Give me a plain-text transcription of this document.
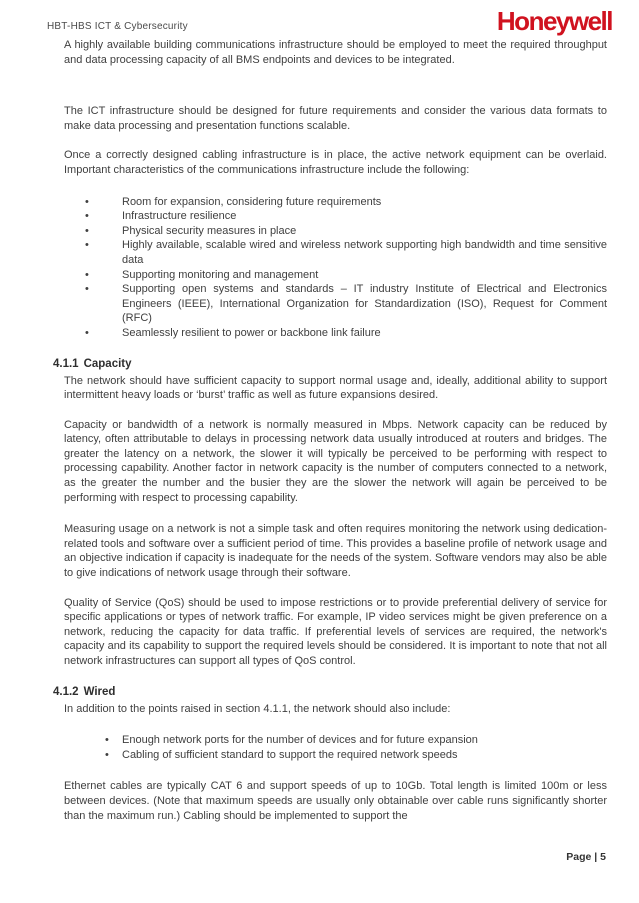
HBT-HBS ICT & Cybersecurity	Honeywell

A highly available building communications infrastructure should be employed to meet the required throughput and data processing capacity of all BMS endpoints and devices to be integrated.

The ICT infrastructure should be designed for future requirements and consider the various data formats to make data processing and presentation functions scalable.

Once a correctly designed cabling infrastructure is in place, the active network equipment can be overlaid. Important characteristics of the communications infrastructure include the following:

•	Room for expansion, considering future requirements
•	Infrastructure resilience
•	Physical security measures in place
•	Highly available, scalable wired and wireless network supporting high bandwidth and time sensitive data
•	Supporting monitoring and management
•	Supporting open systems and standards – IT industry Institute of Electrical and Electronics Engineers (IEEE), International Organization for Standardization (ISO), Request for Comment (RFC)
•	Seamlessly resilient to power or backbone link failure
4.1.1 Capacity

The network should have sufficient capacity to support normal usage and, ideally, additional ability to support intermittent heavy loads or ‘burst’ traffic as well as future expansions desired.

Capacity or bandwidth of a network is normally measured in Mbps. Network capacity can be reduced by latency, often attributable to delays in processing network data usually introduced at routers and bridges. The greater the latency on a network, the slower it will typically be perceived to be performing with respect to processing capability. Another factor in network capacity is the number of computers connected to a network, as the greater the number and the busier they are the slower the network will again be perceived to be performing with respect to processing capability.

Measuring usage on a network is not a simple task and often requires monitoring the network using dedication-related tools and software over a sufficient period of time. This provides a baseline profile of network usage and an objective indication if capacity is inadequate for the needs of the system. Software vendors may also be able to give indications of network usage through their software.

Quality of Service (QoS) should be used to impose restrictions or to provide preferential delivery of service for specific applications or types of network traffic. For example, IP video services might be given preference on a network, reducing the capacity for data traffic. If preferential levels of services are required, the network's capacity and its capability to support the required levels should be considered. It is important to note that not all network infrastructures can support all types of QoS control.

4.1.2 Wired

In addition to the points raised in section 4.1.1, the network should also include:

•	Enough network ports for the number of devices and for future expansion
•	Cabling of sufficient standard to support the required network speeds

Ethernet cables are typically CAT 6 and support speeds of up to 10Gb. Total length is limited 100m or less between devices. (Note that maximum speeds are usually only obtainable over cable runs significantly shorter than the maximum run.) Cabling should be implemented to support the

Page | 5
